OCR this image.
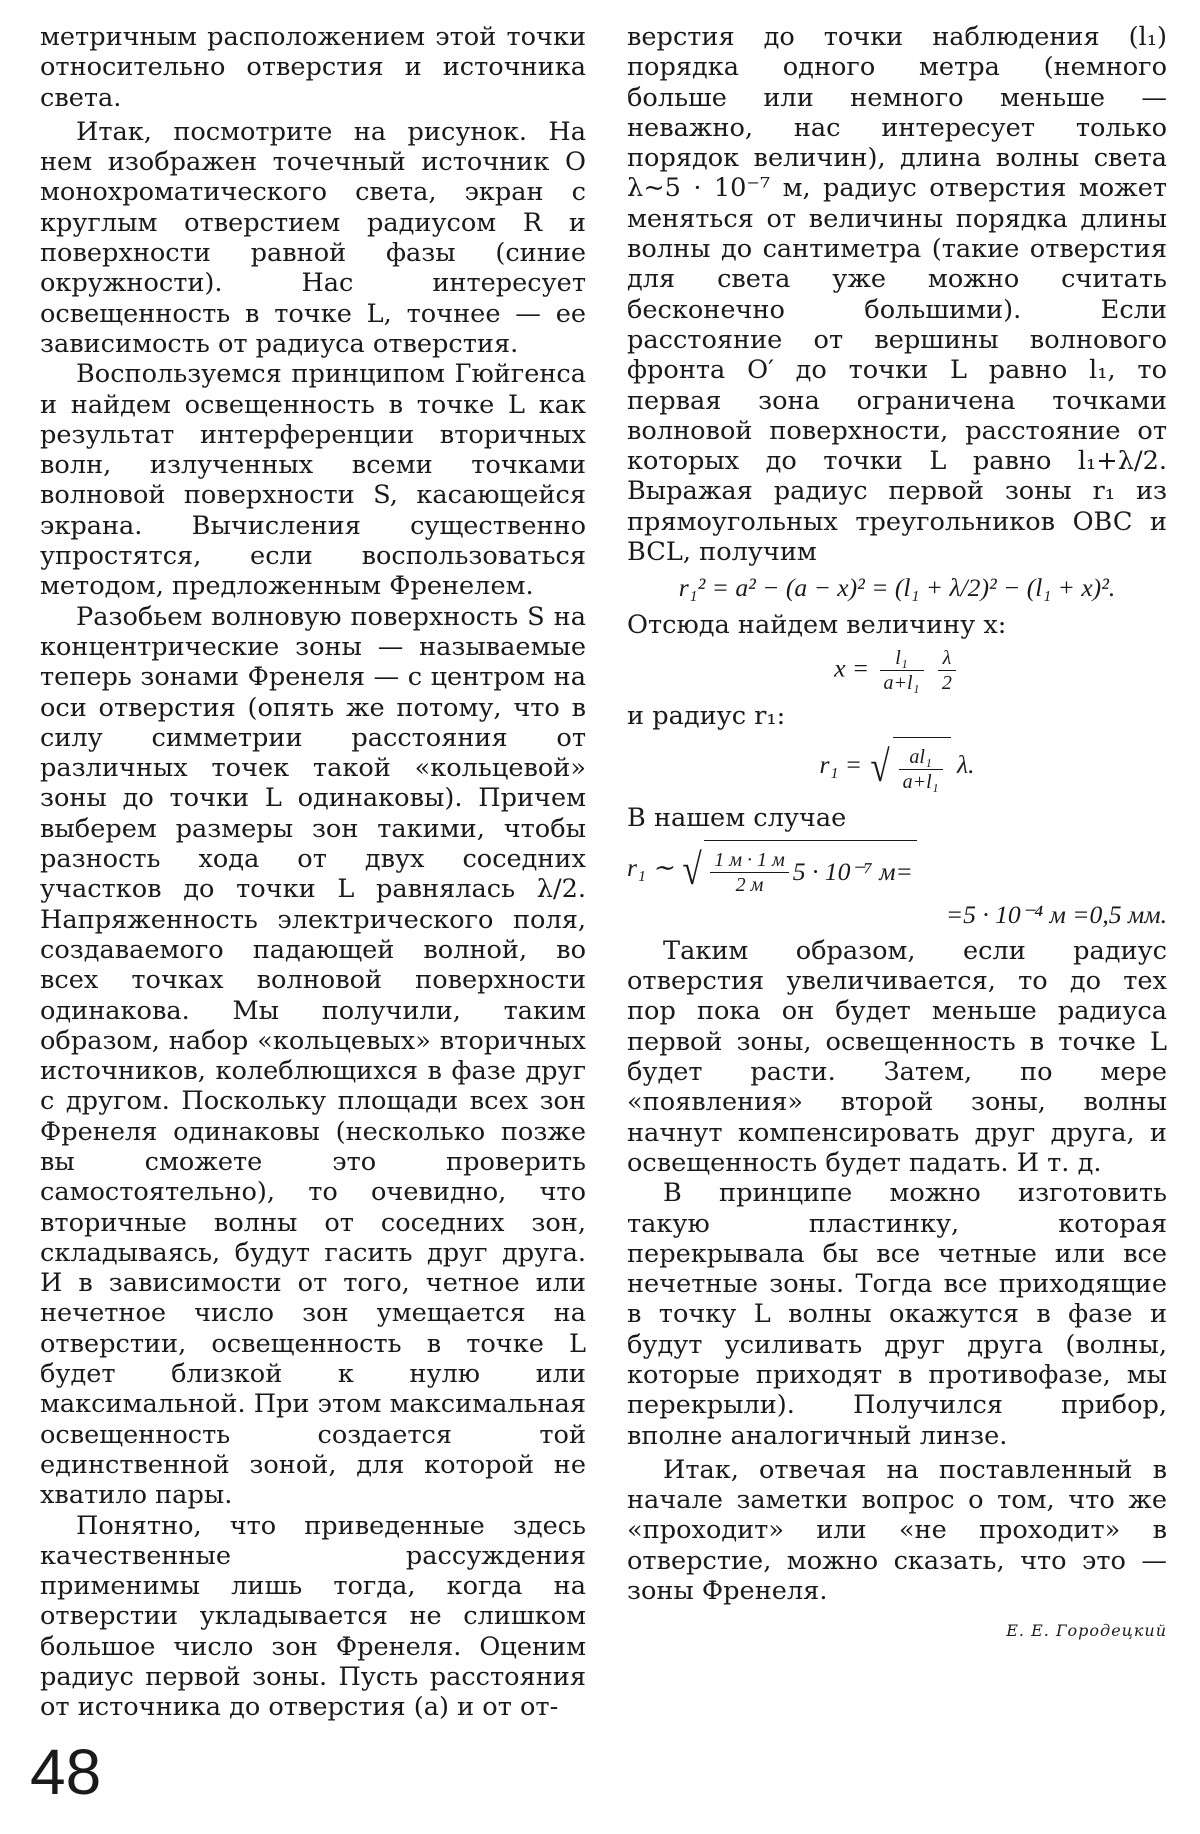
метричным расположением этой точки относительно отверстия и источника света.

Итак, посмотрите на рисунок. На нем изображен точечный источник O монохроматического света, экран с круглым отверстием радиусом R и поверхности равной фазы (синие окружности). Нас интересует освещенность в точке L, точнее — ее зависимость от радиуса отверстия.

Воспользуемся принципом Гюйгенса и найдем освещенность в точке L как результат интерференции вторичных волн, излученных всеми точками волновой поверхности S, касающейся экрана. Вычисления существенно упростятся, если воспользоваться методом, предложенным Френелем.

Разобьем волновую поверхность S на концентрические зоны — называемые теперь зонами Френеля — с центром на оси отверстия (опять же потому, что в силу симметрии расстояния от различных точек такой «кольцевой» зоны до точки L одинаковы). Причем выберем размеры зон такими, чтобы разность хода от двух соседних участков до точки L равнялась λ/2. Напряженность электрического поля, создаваемого падающей волной, во всех точках волновой поверхности одинакова. Мы получили, таким образом, набор «кольцевых» вторичных источников, колеблющихся в фазе друг с другом. Поскольку площади всех зон Френеля одинаковы (несколько позже вы сможете это проверить самостоятельно), то очевидно, что вторичные волны от соседних зон, складываясь, будут гасить друг друга. И в зависимости от того, четное или нечетное число зон умещается на отверстии, освещенность в точке L будет близкой к нулю или максимальной. При этом максимальная освещенность создается той единственной зоной, для которой не хватило пары.

Понятно, что приведенные здесь качественные рассуждения применимы лишь тогда, когда на отверстии укладывается не слишком большое число зон Френеля. Оценим радиус первой зоны. Пусть расстояния от источника до отверстия (a) и от от-

верстия до точки наблюдения (l₁) порядка одного метра (немного больше или немного меньше — неважно, нас интересует только порядок величин), длина волны света λ∼5 · 10⁻⁷ м, радиус отверстия может меняться от величины порядка длины волны до сантиметра (такие отверстия для света уже можно считать бесконечно большими). Если расстояние от вершины волнового фронта O′ до точки L равно l₁, то первая зона ограничена точками волновой поверхности, расстояние от которых до точки L равно l₁+λ/2. Выражая радиус первой зоны r₁ из прямоугольных треугольников OBC и BCL, получим

r₁² = a² − (a − x)² = (l₁ + λ/2)² − (l₁ + x)².

Отсюда найдем величину x:

$x = \frac{\text{l₁}}{\text{a+l₁}}$
$\frac{\lambda}{2}$

и радиус r₁:

r₁ = √ $\frac{\text{al₁}}{\text{a+l₁}} \lambda$.

В нашем случае

r₁ ∼ √ $\frac{1 м \cdot 1 м}{2 м} 5 \cdot 10^{-7}$ м=
=5 · 10⁻⁴ м =0,5 мм.

Таким образом, если радиус отверстия увеличивается, то до тех пор пока он будет меньше радиуса первой зоны, освещенность в точке L будет расти. Затем, по мере «появления» второй зоны, волны начнут компенсировать друг друга, и освещенность будет падать. И т. д.

В принципе можно изготовить такую пластинку, которая перекрывала бы все четные или все нечетные зоны. Тогда все приходящие в точку L волны окажутся в фазе и будут усиливать друг друга (волны, которые приходят в противофазе, мы перекрыли). Получился прибор, вполне аналогичный линзе.

Итак, отвечая на поставленный в начале заметки вопрос о том, что же «проходит» или «не проходит» в отверстие, можно сказать, что это — зоны Френеля.

Е. Е. Городецкий
48
